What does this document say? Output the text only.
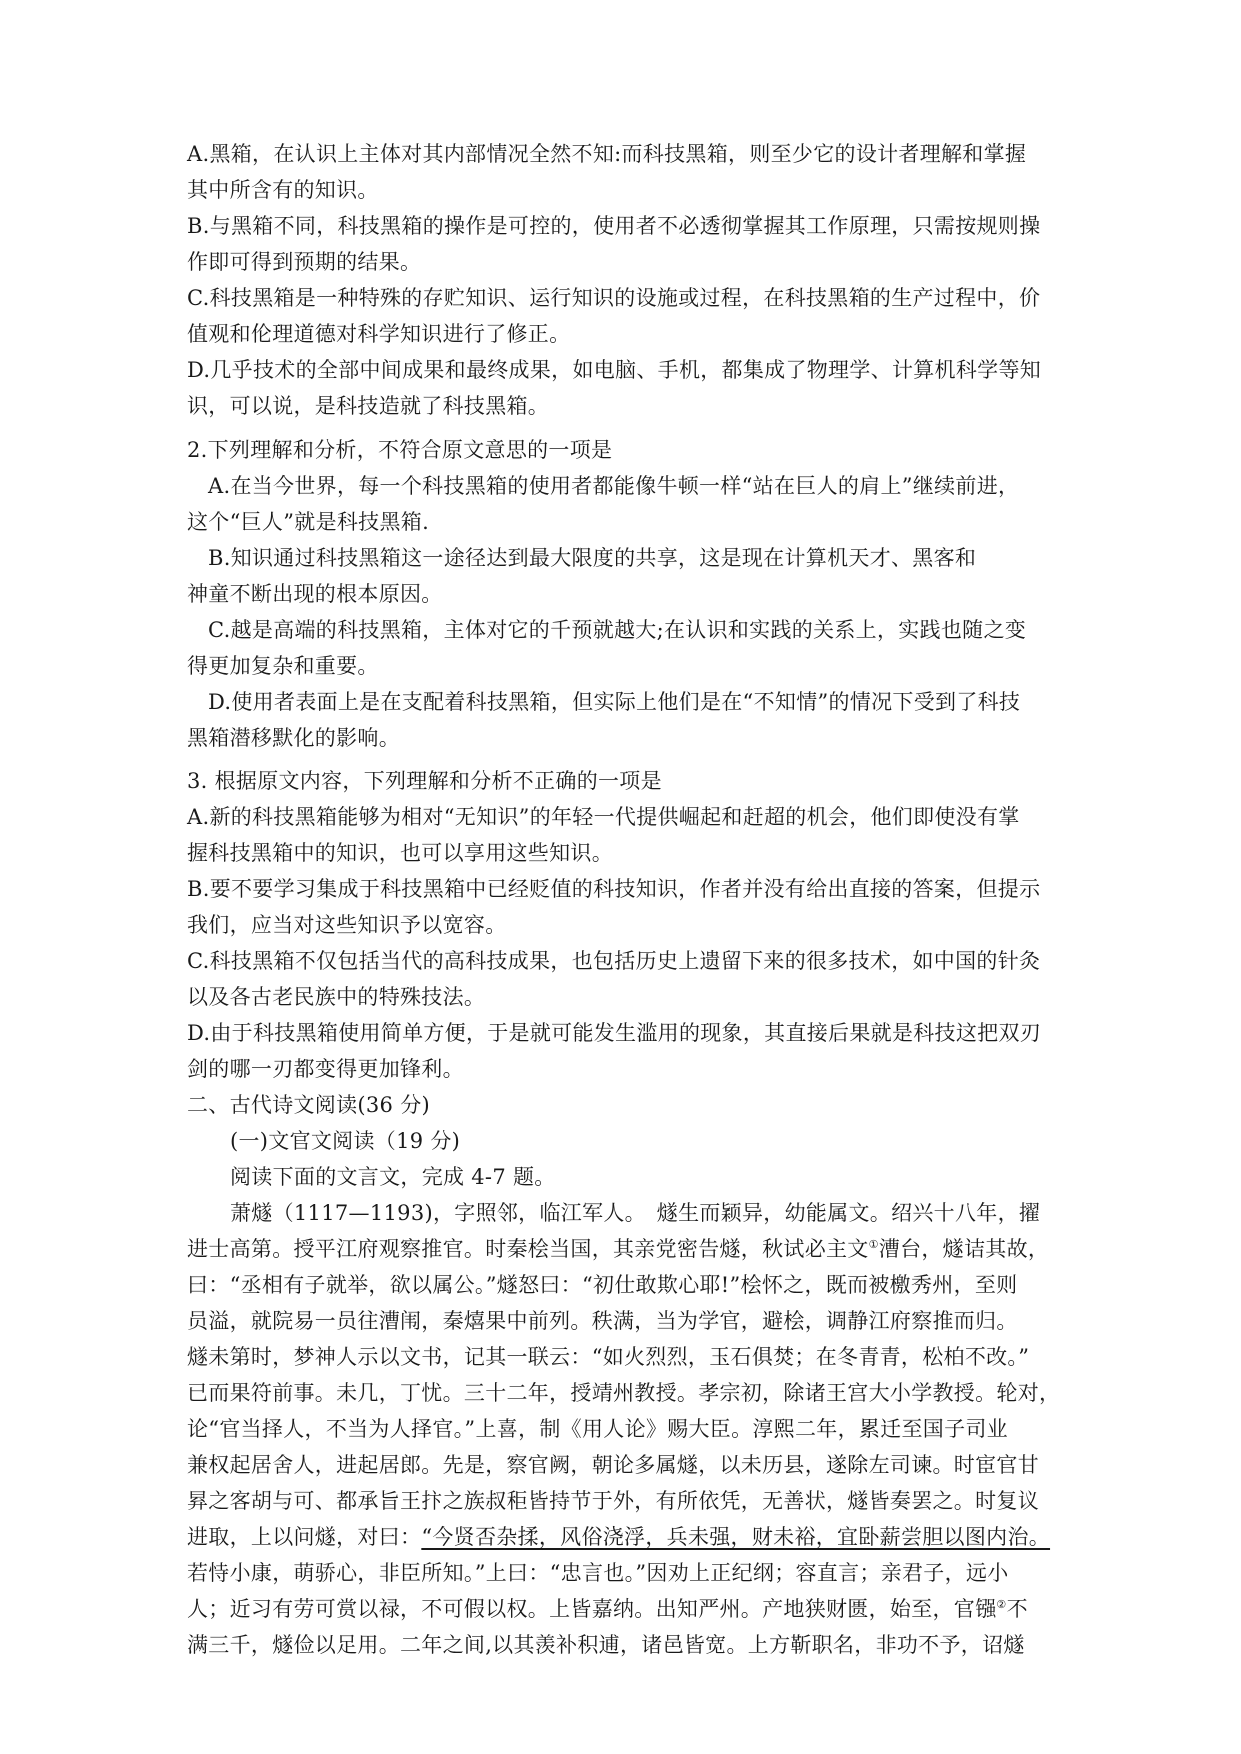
A.黑箱，在认识上主体对其内部情况全然不知:而科技黑箱，则至少它的设计者理解和掌握
其中所含有的知识。
B.与黑箱不同，科技黑箱的操作是可控的，使用者不必透彻掌握其工作原理，只需按规则操
作即可得到预期的结果。
C.科技黑箱是一种特殊的存贮知识、运行知识的设施或过程，在科技黑箱的生产过程中，价
值观和伦理道德对科学知识进行了修正。
D.几乎技术的全部中间成果和最终成果，如电脑、手机，都集成了物理学、计算机科学等知
识，可以说，是科技造就了科技黑箱。
2.下列理解和分析，不符合原文意思的一项是
A.在当今世界，每一个科技黑箱的使用者都能像牛顿一样“站在巨人的肩上”继续前进，
这个“巨人”就是科技黑箱.
B.知识通过科技黑箱这一途径达到最大限度的共享，这是现在计算机天才、黑客和
神童不断出现的根本原因。
C.越是高端的科技黑箱，主体对它的千预就越大;在认识和实践的关系上，实践也随之变
得更加复杂和重要。
D.使用者表面上是在支配着科技黑箱，但实际上他们是在“不知情”的情况下受到了科技
黑箱潜移默化的影响。
3. 根据原文内容，下列理解和分析不正确的一项是
A.新的科技黑箱能够为相对“无知识”的年轻一代提供崛起和赶超的机会，他们即使没有掌
握科技黑箱中的知识，也可以享用这些知识。
B.要不要学习集成于科技黑箱中已经贬值的科技知识，作者并没有给出直接的答案，但提示
我们，应当对这些知识予以宽容。
C.科技黑箱不仅包括当代的高科技成果，也包括历史上遗留下来的很多技术，如中国的针灸
以及各古老民族中的特殊技法。
D.由于科技黑箱使用简单方便，于是就可能发生滥用的现象，其直接后果就是科技这把双刃
剑的哪一刃都变得更加锋利。
二、古代诗文阅读(36 分)
(一)文官文阅读（19 分)
阅读下面的文言文，完成 4-7 题。
萧燧（1117—1193)，字照邻，临江军人。　燧生而颖异，幼能属文。绍兴十八年，擢
进士高第。授平江府观察推官。时秦桧当国，其亲党密告燧，秋试必主文①漕台，燧诘其故，
曰：“丞相有子就举，欲以属公。”燧怒曰：“初仕敢欺心耶!”桧怀之，既而被檄秀州，至则
员溢，就院易一员往漕闱，秦熺果中前列。秩满，当为学官，避桧，调静江府察推而归。
燧未第时，梦神人示以文书，记其一联云：“如火烈烈，玉石俱焚；在冬青青，松柏不改。”
已而果符前事。未几，丁忧。三十二年，授靖州教授。孝宗初，除诸王宫大小学教授。轮对，
论“官当择人，不当为人择官。”上喜，制《用人论》赐大臣。淳熙二年，累迁至国子司业
兼权起居舍人，进起居郎。先是，察官阙，朝论多属燧，以未历县，遂除左司谏。时宦官甘
昪之客胡与可、都承旨王抃之族叔秬皆持节于外，有所依凭，无善状，燧皆奏罢之。时复议
进取，上以问燧，对曰：“今贤否杂揉，风俗浇浮，兵未强，财未裕，宜卧薪尝胆以图内治。
若恃小康，萌骄心，非臣所知。”上曰：“忠言也。”因劝上正纪纲；容直言；亲君子，远小
人；近习有劳可赏以禄，不可假以权。上皆嘉纳。出知严州。产地狭财匮，始至，官镪②不
满三千，燧俭以足用。二年之间,以其羡补积逋，诸邑皆宽。上方靳职名，非功不予，诏燧
